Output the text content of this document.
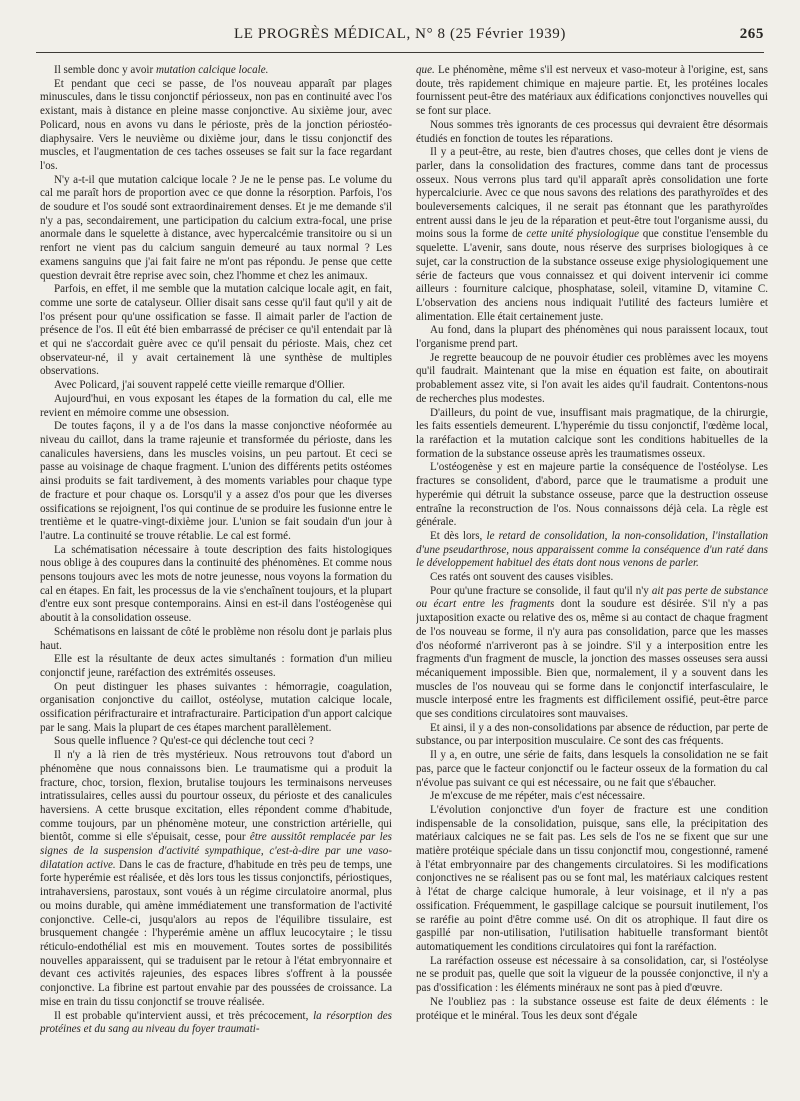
LE PROGRÈS MÉDICAL, N° 8 (25 Février 1939)	265

Il semble donc y avoir mutation calcique locale.

Et pendant que ceci se passe, de l'os nouveau apparaît par plages minuscules, dans le tissu conjonctif périosseux, non pas en continuité avec l'os existant, mais à distance en pleine masse conjonctive. Au sixième jour, avec Policard, nous en avons vu dans le périoste, près de la jonction périostéo-diaphysaire. Vers le neuvième ou dixième jour, dans le tissu conjonctif des muscles, et l'augmentation de ces taches osseuses se fait sur la face regardant l'os.

N'y a-t-il que mutation calcique locale ? Je ne le pense pas. Le volume du cal me paraît hors de proportion avec ce que donne la résorption. Parfois, l'os de soudure et l'os soudé sont extraordinairement denses. Et je me demande s'il n'y a pas, secondairement, une participation du calcium extra-focal, une prise anormale dans le squelette à distance, avec hypercalcémie transitoire ou si un renfort ne vient pas du calcium sanguin demeuré au taux normal ? Les examens sanguins que j'ai fait faire ne m'ont pas répondu. Je pense que cette question devrait être reprise avec soin, chez l'homme et chez les animaux.

Parfois, en effet, il me semble que la mutation calcique locale agit, en fait, comme une sorte de catalyseur. Ollier disait sans cesse qu'il faut qu'il y ait de l'os présent pour qu'une ossification se fasse. Il aimait parler de l'action de présence de l'os. Il eût été bien embarrassé de préciser ce qu'il entendait par là et qui ne s'accordait guère avec ce qu'il pensait du périoste. Mais, chez cet observateur-né, il y avait certainement là une synthèse de multiples observations.

Avec Policard, j'ai souvent rappelé cette vieille remarque d'Ollier.

Aujourd'hui, en vous exposant les étapes de la formation du cal, elle me revient en mémoire comme une obsession.

De toutes façons, il y a de l'os dans la masse conjonctive néoformée au niveau du caillot, dans la trame rajeunie et transformée du périoste, dans les canalicules haversiens, dans les muscles voisins, un peu partout. Et ceci se passe au voisinage de chaque fragment. L'union des différents petits ostéomes ainsi produits se fait tardivement, à des moments variables pour chaque type de fracture et pour chaque os. Lorsqu'il y a assez d'os pour que les diverses ossifications se rejoignent, l'os qui continue de se produire les fusionne entre le trentième et le quatre-vingt-dixième jour. L'union se fait soudain d'un jour à l'autre. La continuité se trouve rétablie. Le cal est formé.

La schématisation nécessaire à toute description des faits histologiques nous oblige à des coupures dans la continuité des phénomènes. Et comme nous pensons toujours avec les mots de notre jeunesse, nous voyons la formation du cal en étapes. En fait, les processus de la vie s'enchaînent toujours, et la plupart d'entre eux sont presque contemporains. Ainsi en est-il dans l'ostéogenèse qui aboutit à la consolidation osseuse.

Schématisons en laissant de côté le problème non résolu dont je parlais plus haut.

Elle est la résultante de deux actes simultanés : formation d'un milieu conjonctif jeune, raréfaction des extrémités osseuses.

On peut distinguer les phases suivantes : hémorragie, coagulation, organisation conjonctive du caillot, ostéolyse, mutation calcique locale, ossification périfracturaire et intrafracturaire. Participation d'un apport calcique par le sang. Mais la plupart de ces étapes marchent parallèlement.

Sous quelle influence ? Qu'est-ce qui déclenche tout ceci ?

Il n'y a là rien de très mystérieux. Nous retrouvons tout d'abord un phénomène que nous connaissons bien. Le traumatisme qui a produit la fracture, choc, torsion, flexion, brutalise toujours les terminaisons nerveuses intratissulaires, celles aussi du pourtour osseux, du périoste et des canalicules haversiens. A cette brusque excitation, elles répondent comme d'habitude, comme toujours, par un phénomène moteur, une constriction artérielle, qui bientôt, comme si elle s'épuisait, cesse, pour être aussitôt remplacée par les signes de la suspension d'activité sympathique, c'est-à-dire par une vaso-dilatation active. Dans le cas de fracture, d'habitude en très peu de temps, une forte hyperémie est réalisée, et dès lors tous les tissus conjonctifs, périostiques, intrahaversiens, parostaux, sont voués à un régime circulatoire anormal, plus ou moins durable, qui amène immédiatement une transformation de l'activité conjonctive. Celle-ci, jusqu'alors au repos de l'équilibre tissulaire, est brusquement changée : l'hyperémie amène un afflux leucocytaire ; le tissu réticulo-endothélial est mis en mouvement. Toutes sortes de possibilités nouvelles apparaissent, qui se traduisent par le retour à l'état embryonnaire et devant ces activités rajeunies, des espaces libres s'offrent à la poussée conjonctive. La fibrine est partout envahie par des poussées de croissance. La mise en train du tissu conjonctif se trouve réalisée.

Il est probable qu'intervient aussi, et très précocement, la résorption des protéines et du sang au niveau du foyer traumati-

que. Le phénomène, même s'il est nerveux et vaso-moteur à l'origine, est, sans doute, très rapidement chimique en majeure partie. Et, les protéines locales fournissent peut-être des matériaux aux édifications conjonctives nouvelles qui se font sur place.

Nous sommes très ignorants de ces processus qui devraient être désormais étudiés en fonction de toutes les réparations.

Il y a peut-être, au reste, bien d'autres choses, que celles dont je viens de parler, dans la consolidation des fractures, comme dans tant de processus osseux. Nous verrons plus tard qu'il apparaît après consolidation une forte hypercalciurie. Avec ce que nous savons des relations des parathyroïdes et des bouleversements calciques, il ne serait pas étonnant que les parathyroïdes entrent aussi dans le jeu de la réparation et peut-être tout l'organisme aussi, du moins sous la forme de cette unité physiologique que constitue l'ensemble du squelette. L'avenir, sans doute, nous réserve des surprises biologiques à ce sujet, car la construction de la substance osseuse exige physiologiquement une série de facteurs que vous connaissez et qui doivent intervenir ici comme ailleurs : fourniture calcique, phosphatase, soleil, vitamine D, vitamine C. L'observation des anciens nous indiquait l'utilité des facteurs lumière et alimentation. Elle était certainement juste.

Au fond, dans la plupart des phénomènes qui nous paraissent locaux, tout l'organisme prend part.

Je regrette beaucoup de ne pouvoir étudier ces problèmes avec les moyens qu'il faudrait. Maintenant que la mise en équation est faite, on aboutirait probablement assez vite, si l'on avait les aides qu'il faudrait. Contentons-nous de recherches plus modestes.

D'ailleurs, du point de vue, insuffisant mais pragmatique, de la chirurgie, les faits essentiels demeurent. L'hyperémie du tissu conjonctif, l'œdème local, la raréfaction et la mutation calcique sont les conditions habituelles de la formation de la substance osseuse après les traumatismes osseux.

L'ostéogenèse y est en majeure partie la conséquence de l'ostéolyse. Les fractures se consolident, d'abord, parce que le traumatisme a produit une hyperémie qui détruit la substance osseuse, parce que la destruction osseuse entraîne la reconstruction de l'os. Nous connaissons déjà cela. La règle est générale.

Et dès lors, le retard de consolidation, la non-consolidation, l'installation d'une pseudarthrose, nous apparaissent comme la conséquence d'un raté dans le développement habituel des états dont nous venons de parler.

Ces ratés ont souvent des causes visibles.

Pour qu'une fracture se consolide, il faut qu'il n'y ait pas perte de substance ou écart entre les fragments dont la soudure est désirée. S'il n'y a pas juxtaposition exacte ou relative des os, même si au contact de chaque fragment de l'os nouveau se forme, il n'y aura pas consolidation, parce que les masses d'os néoformé n'arriveront pas à se joindre. S'il y a interposition entre les fragments d'un fragment de muscle, la jonction des masses osseuses sera aussi mécaniquement impossible. Bien que, normalement, il y a souvent dans les muscles de l'os nouveau qui se forme dans le conjonctif interfasculaire, le muscle interposé entre les fragments est difficilement ossifié, peut-être parce que ses conditions circulatoires sont mauvaises.

Et ainsi, il y a des non-consolidations par absence de réduction, par perte de substance, ou par interposition musculaire. Ce sont des cas fréquents.

Il y a, en outre, une série de faits, dans lesquels la consolidation ne se fait pas, parce que le facteur conjonctif ou le facteur osseux de la formation du cal n'évolue pas suivant ce qui est nécessaire, ou ne fait que s'ébaucher.

Je m'excuse de me répéter, mais c'est nécessaire.

L'évolution conjonctive d'un foyer de fracture est une condition indispensable de la consolidation, puisque, sans elle, la précipitation des matériaux calciques ne se fait pas. Les sels de l'os ne se fixent que sur une matière protéique spéciale dans un tissu conjonctif mou, congestionné, ramené à l'état embryonnaire par des changements circulatoires. Si les modifications conjonctives ne se réalisent pas ou se font mal, les matériaux calciques restent à l'état de charge calcique humorale, à leur voisinage, et il n'y a pas ossification. Fréquemment, le gaspillage calcique se poursuit inutilement, l'os se raréfie au point d'être comme usé. On dit os atrophique. Il faut dire os gaspillé par non-utilisation, l'utilisation habituelle transformant bientôt automatiquement les conditions circulatoires qui font la raréfaction.

La raréfaction osseuse est nécessaire à sa consolidation, car, si l'ostéolyse ne se produit pas, quelle que soit la vigueur de la poussée conjonctive, il n'y a pas d'ossification : les éléments minéraux ne sont pas à pied d'œuvre.

Ne l'oubliez pas : la substance osseuse est faite de deux éléments : le protéique et le minéral. Tous les deux sont d'égale
